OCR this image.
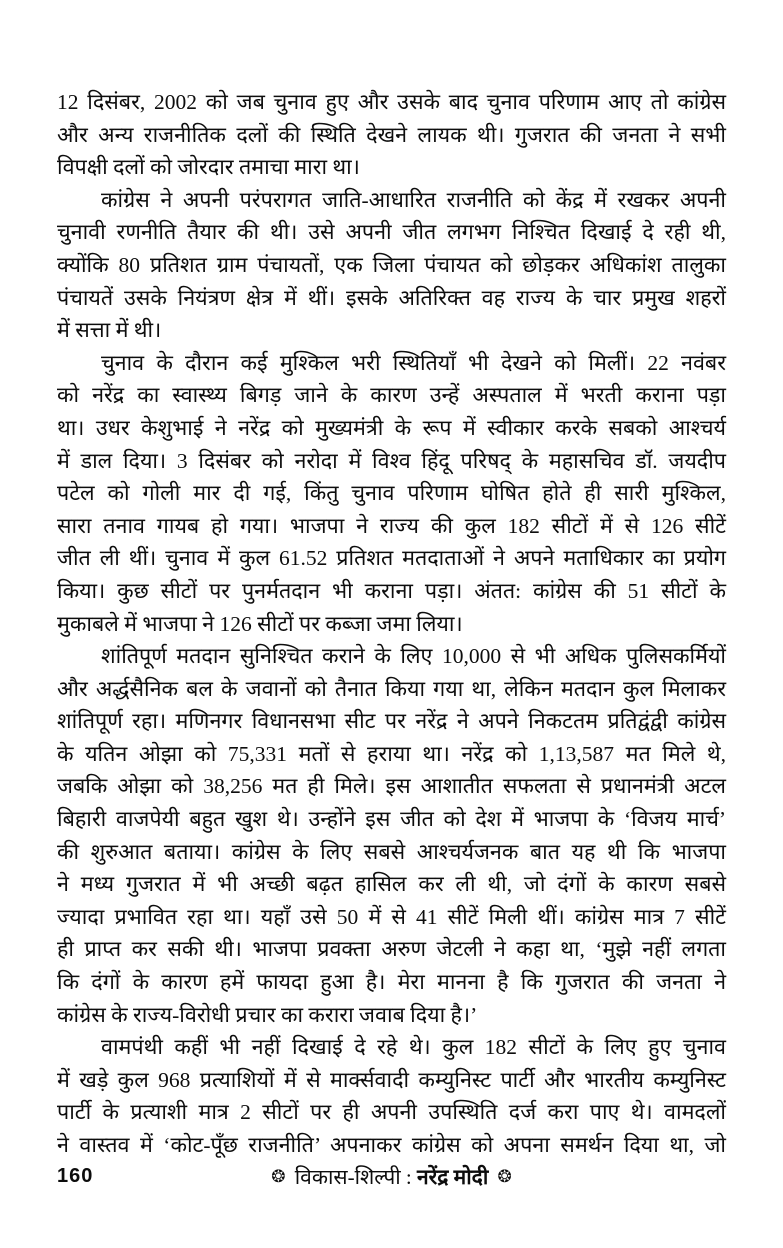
12 दिसंबर, 2002 को जब चुनाव हुए और उसके बाद चुनाव परिणाम आए तो कांग्रेस
और अन्य राजनीतिक दलों की स्थिति देखने लायक थी। गुजरात की जनता ने सभी
विपक्षी दलों को जोरदार तमाचा मारा था।
कांग्रेस ने अपनी परंपरागत जाति-आधारित राजनीति को केंद्र में रखकर अपनी
चुनावी रणनीति तैयार की थी। उसे अपनी जीत लगभग निश्चित दिखाई दे रही थी,
क्योंकि 80 प्रतिशत ग्राम पंचायतों, एक जिला पंचायत को छोड़कर अधिकांश तालुका
पंचायतें उसके नियंत्रण क्षेत्र में थीं। इसके अतिरिक्त वह राज्य के चार प्रमुख शहरों
में सत्ता में थी।
चुनाव के दौरान कई मुश्किल भरी स्थितियाँ भी देखने को मिलीं। 22 नवंबर
को नरेंद्र का स्वास्थ्य बिगड़ जाने के कारण उन्हें अस्पताल में भरती कराना पड़ा
था। उधर केशुभाई ने नरेंद्र को मुख्यमंत्री के रूप में स्वीकार करके सबको आश्चर्य
में डाल दिया। 3 दिसंबर को नरोदा में विश्व हिंदू परिषद् के महासचिव डॉ. जयदीप
पटेल को गोली मार दी गई, किंतु चुनाव परिणाम घोषित होते ही सारी मुश्किल,
सारा तनाव गायब हो गया। भाजपा ने राज्य की कुल 182 सीटों में से 126 सीटें
जीत ली थीं। चुनाव में कुल 61.52 प्रतिशत मतदाताओं ने अपने मताधिकार का प्रयोग
किया। कुछ सीटों पर पुनर्मतदान भी कराना पड़ा। अंतत: कांग्रेस की 51 सीटों के
मुकाबले में भाजपा ने 126 सीटों पर कब्जा जमा लिया।
शांतिपूर्ण मतदान सुनिश्चित कराने के लिए 10,000 से भी अधिक पुलिसकर्मियों
और अर्द्धसैनिक बल के जवानों को तैनात किया गया था, लेकिन मतदान कुल मिलाकर
शांतिपूर्ण रहा। मणिनगर विधानसभा सीट पर नरेंद्र ने अपने निकटतम प्रतिद्वंद्वी कांग्रेस
के यतिन ओझा को 75,331 मतों से हराया था। नरेंद्र को 1,13,587 मत मिले थे,
जबकि ओझा को 38,256 मत ही मिले। इस आशातीत सफलता से प्रधानमंत्री अटल
बिहारी वाजपेयी बहुत खुश थे। उन्होंने इस जीत को देश में भाजपा के ‘विजय मार्च’
की शुरुआत बताया। कांग्रेस के लिए सबसे आश्चर्यजनक बात यह थी कि भाजपा
ने मध्य गुजरात में भी अच्छी बढ़त हासिल कर ली थी, जो दंगों के कारण सबसे
ज्यादा प्रभावित रहा था। यहाँ उसे 50 में से 41 सीटें मिली थीं। कांग्रेस मात्र 7 सीटें
ही प्राप्त कर सकी थी। भाजपा प्रवक्ता अरुण जेटली ने कहा था, ‘मुझे नहीं लगता
कि दंगों के कारण हमें फायदा हुआ है। मेरा मानना है कि गुजरात की जनता ने
कांग्रेस के राज्य-विरोधी प्रचार का करारा जवाब दिया है।’
वामपंथी कहीं भी नहीं दिखाई दे रहे थे। कुल 182 सीटों के लिए हुए चुनाव
में खड़े कुल 968 प्रत्याशियों में से मार्क्सवादी कम्युनिस्ट पार्टी और भारतीय कम्युनिस्ट
पार्टी के प्रत्याशी मात्र 2 सीटों पर ही अपनी उपस्थिति दर्ज करा पाए थे। वामदलों
ने वास्तव में ‘कोट-पूँछ राजनीति’ अपनाकर कांग्रेस को अपना समर्थन दिया था, जो
160	❂ विकास-शिल्पी : नरेंद्र मोदी ❂
